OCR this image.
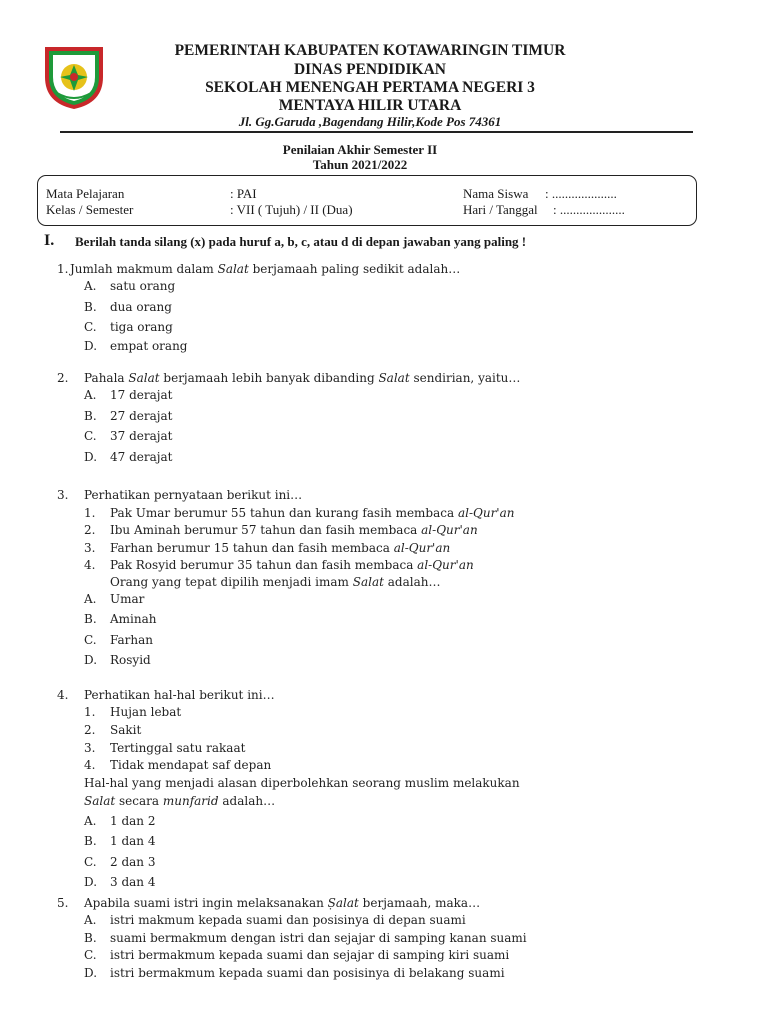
PEMERINTAH KABUPATEN KOTAWARINGIN TIMUR
DINAS PENDIDIKAN
SEKOLAH MENENGAH PERTAMA NEGERI 3
MENTAYA HILIR UTARA
Jl. Gg.Garuda ,Bagendang Hilir,Kode Pos 74361
Penilaian Akhir Semester II
Tahun 2021/2022
Mata Pelajaran	: PAI	Nama Siswa : ....................
Kelas / Semester	: VII ( Tujuh) / II (Dua)	Hari / Tanggal : ....................
I. Berilah tanda silang (x) pada huruf a, b, c, atau d di depan jawaban yang paling !
1. Jumlah makmum dalam Salat berjamaah paling sedikit adalah…
A. satu orang
B. dua orang
C. tiga orang
D. empat orang
2. Pahala Salat berjamaah lebih banyak dibanding Salat sendirian, yaitu…
A. 17 derajat
B. 27 derajat
C. 37 derajat
D. 47 derajat
3. Perhatikan pernyataan berikut ini…
1. Pak Umar berumur 55 tahun dan kurang fasih membaca al-Qur'an
2. Ibu Aminah berumur 57 tahun dan fasih membaca al-Qur'an
3. Farhan berumur 15 tahun dan fasih membaca al-Qur'an
4. Pak Rosyid berumur 35 tahun dan fasih membaca al-Qur'an
Orang yang tepat dipilih menjadi imam Salat adalah…
A. Umar
B. Aminah
C. Farhan
D. Rosyid
4. Perhatikan hal-hal berikut ini…
1. Hujan lebat
2. Sakit
3. Tertinggal satu rakaat
4. Tidak mendapat saf depan
Hal-hal yang menjadi alasan diperbolehkan seorang muslim melakukan
Salat secara munfarid adalah…
A. 1 dan 2
B. 1 dan 4
C. 2 dan 3
D. 3 dan 4
5. Apabila suami istri ingin melaksanakan Ṣalat berjamaah, maka…
A. istri makmum kepada suami dan posisinya di depan suami
B. suami bermakmum dengan istri dan sejajar di samping kanan suami
C. istri bermakmum kepada suami dan sejajar di samping kiri suami
D. istri bermakmum kepada suami dan posisinya di belakang suami
